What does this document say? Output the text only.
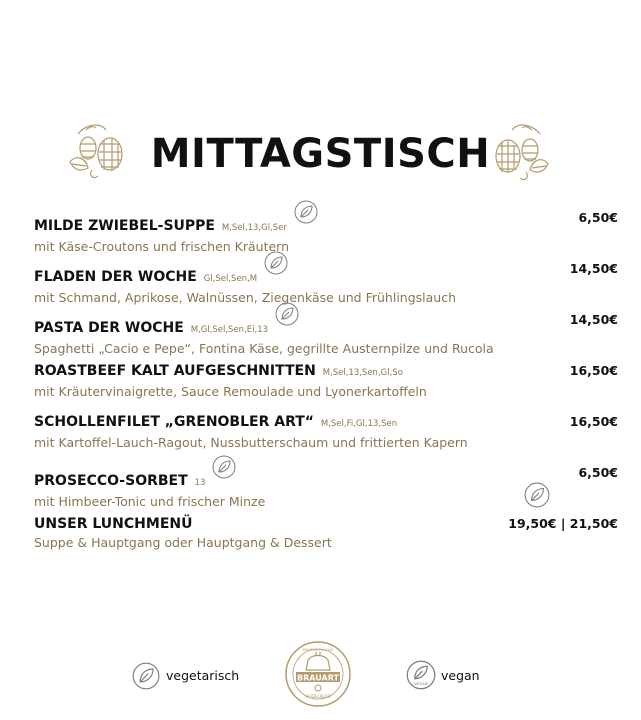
MITTAGSTISCH
MILDE ZWIEBEL-SUPPE M,Sel,13,Gl,Ser
mit Käse-Croutons und frischen Kräutern
6,50€
FLADEN DER WOCHE Gl,Sel,Sen,M
mit Schmand, Aprikose, Walnüssen, Ziegenkäse und Frühlingslauch
14,50€
PASTA DER WOCHE M,Gl,Sel,Sen,Ei,13
Spaghetti „Cacio e Pepe“, Fontina Käse, gegrillte Austernpilze und Rucola
14,50€
ROASTBEEF KALT AUFGESCHNITTEN M,Sel,13,Sen,Gl,So
mit Kräutervinaigrette, Sauce Remoulade und Lyonerkartoffeln
16,50€
SCHOLLENFILET „GRENOBLER ART“ M,Sel,Fi,Gl,13,Sen
mit Kartoffel-Lauch-Ragout, Nussbutterschaum und frittierten Kapern
16,50€
PROSECCO-SORBET 13
mit Himbeer-Tonic und frischer Minze
6,50€
UNSER LUNCHMENÜ
Suppe & Hauptgang oder Hauptgang & Dessert
19,50€ | 21,50€
vegetarisch	BRAUART
MADE WITH LOVE
HEIDELBERG
VEGAN
vegan
